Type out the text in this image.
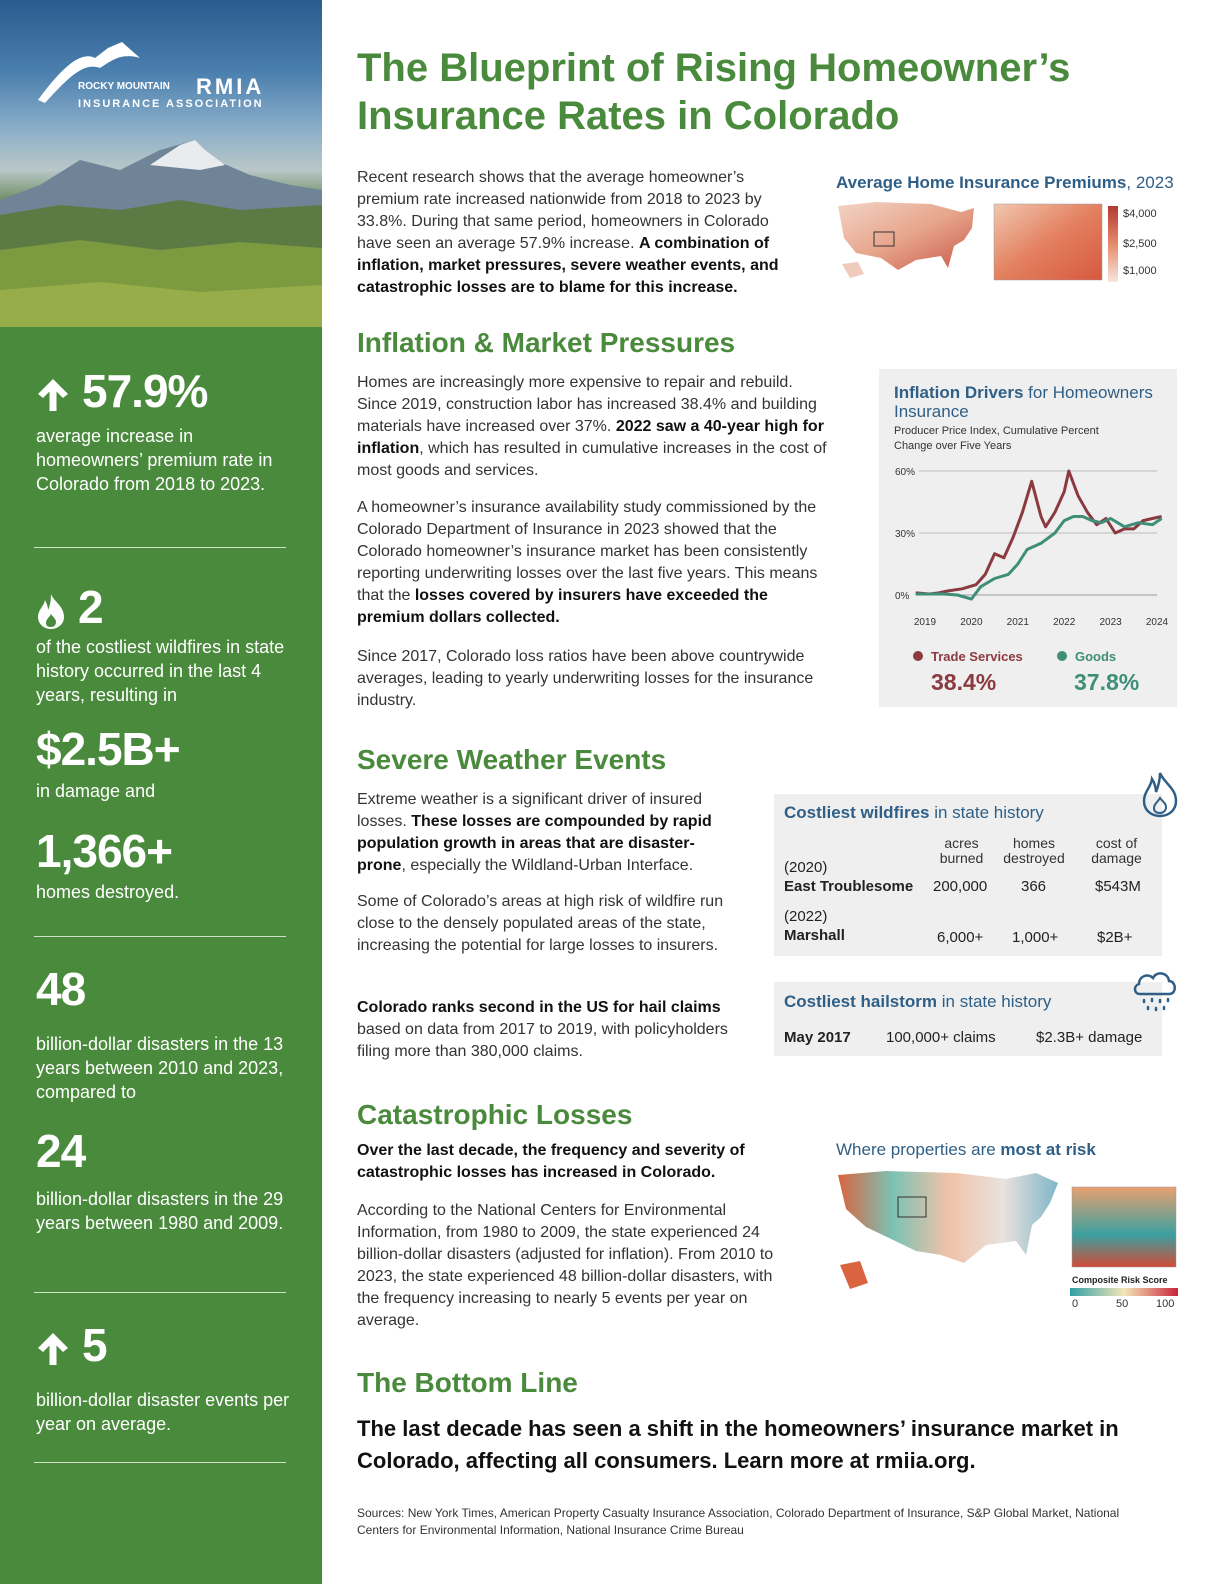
ROCKY MOUNTAIN RMIA
INSURANCE ASSOCIATION
57.9%
average increase in homeowners’ premium rate in Colorado from 2018 to 2023.
2
of the costliest wildfires in state history occurred in the last 4 years, resulting in
$2.5B+
in damage and
1,366+
homes destroyed.
48
billion-dollar disasters in the 13 years between 2010 and 2023, compared to
24
billion-dollar disasters in the 29 years between 1980 and 2009.
5
billion-dollar disaster events per year on average.
The Blueprint of Rising Homeowner’s Insurance Rates in Colorado
Recent research shows that the average homeowner’s premium rate increased nationwide from 2018 to 2023 by 33.8%. During that same period, homeowners in Colorado have seen an average 57.9% increase. A combination of inflation, market pressures, severe weather events, and catastrophic losses are to blame for this increase.
Average Home Insurance Premiums, 2023
$4,000
$2,500
$1,000
Inflation & Market Pressures
Homes are increasingly more expensive to repair and rebuild. Since 2019, construction labor has increased 38.4% and building materials have increased over 37%. 2022 saw a 40-year high for inflation, which has resulted in cumulative increases in the cost of most goods and services.
A homeowner’s insurance availability study commissioned by the Colorado Department of Insurance in 2023 showed that the Colorado homeowner’s insurance market has been consistently reporting underwriting losses over the last five years. This means that the losses covered by insurers have exceeded the premium dollars collected.
Since 2017, Colorado loss ratios have been above countrywide averages, leading to yearly underwriting losses for the insurance industry.
Inflation Drivers for Homeowners Insurance
Producer Price Index, Cumulative Percent Change over Five Years
60%
30%
0%
2019 2020 2021 2022 2023 2024
Trade Services	Goods
38.4%	37.8%
Severe Weather Events
Extreme weather is a significant driver of insured losses. These losses are compounded by rapid population growth in areas that are disaster-prone, especially the Wildland-Urban Interface.
Some of Colorado’s areas at high risk of wildfire run close to the densely populated areas of the state, increasing the potential for large losses to insurers.
Colorado ranks second in the US for hail claims based on data from 2017 to 2019, with policyholders filing more than 380,000 claims.
Costliest wildfires in state history
acres burned
homes destroyed
cost of damage
(2020)
East Troublesome 200,000 366	$543M
(2022)
Marshall	6,000+ 1,000+	$2B+
Costliest hailstorm in state history
May 2017 100,000+ claims	$2.3B+ damage
Catastrophic Losses
Over the last decade, the frequency and severity of catastrophic losses has increased in Colorado.
According to the National Centers for Environmental Information, from 1980 to 2009, the state experienced 24 billion-dollar disasters (adjusted for inflation). From 2010 to 2023, the state experienced 48 billion-dollar disasters, with the frequency increasing to nearly 5 events per year on average.
Where properties are most at risk
Composite Risk Score
0	50	100
The Bottom Line
The last decade has seen a shift in the homeowners’ insurance market in Colorado, affecting all consumers. Learn more at rmiia.org.
Sources: New York Times, American Property Casualty Insurance Association, Colorado Department of Insurance, S&P Global Market, National Centers for Environmental Information, National Insurance Crime Bureau
